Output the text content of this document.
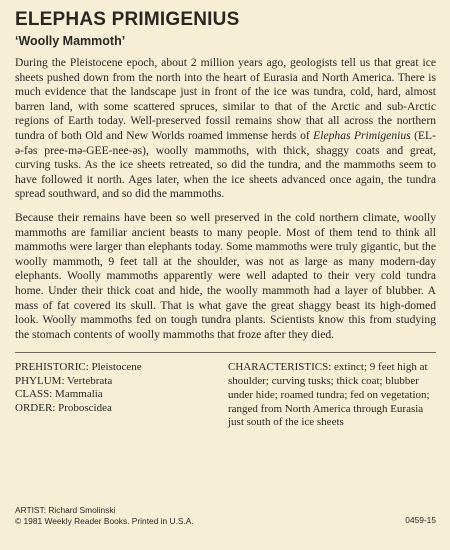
ELEPHAS PRIMIGENIUS
‘Woolly Mammoth’

During the Pleistocene epoch, about 2 million years ago, geologists tell us that great ice sheets pushed down from the north into the heart of Eurasia and North America. There is much evidence that the landscape just in front of the ice was tundra, cold, hard, almost barren land, with some scattered spruces, similar to that of the Arctic and sub-Arctic regions of Earth today. Well-preserved fossil remains show that all across the northern tundra of both Old and New Worlds roamed immense herds of Elephas Primigenius (EL-ə-fəs pree-mə-GEE-nee-əs), woolly mammoths, with thick, shaggy coats and great, curving tusks. As the ice sheets retreated, so did the tundra, and the mammoths seem to have followed it north. Ages later, when the ice sheets advanced once again, the tundra spread southward, and so did the mammoths.

Because their remains have been so well preserved in the cold northern climate, woolly mammoths are familiar ancient beasts to many people. Most of them tend to think all mammoths were larger than elephants today. Some mammoths were truly gigantic, but the woolly mammoth, 9 feet tall at the shoulder, was not as large as many modern-day elephants. Woolly mammoths apparently were well adapted to their very cold tundra home. Under their thick coat and hide, the woolly mammoth had a layer of blubber. A mass of fat covered its skull. That is what gave the great shaggy beast its high-domed look. Woolly mammoths fed on tough tundra plants. Scientists know this from studying the stomach contents of woolly mammoths that froze after they died.

PREHISTORIC: Pleistocene
PHYLUM: Vertebrata
CLASS: Mammalia
ORDER: Proboscidea
CHARACTERISTICS: extinct; 9 feet high at shoulder; curving tusks; thick coat; blubber under hide; roamed tundra; fed on vegetation; ranged from North America through Eurasia just south of the ice sheets
ARTIST: Richard Smolinski
© 1981 Weekly Reader Books. Printed in U.S.A.	0459-15
